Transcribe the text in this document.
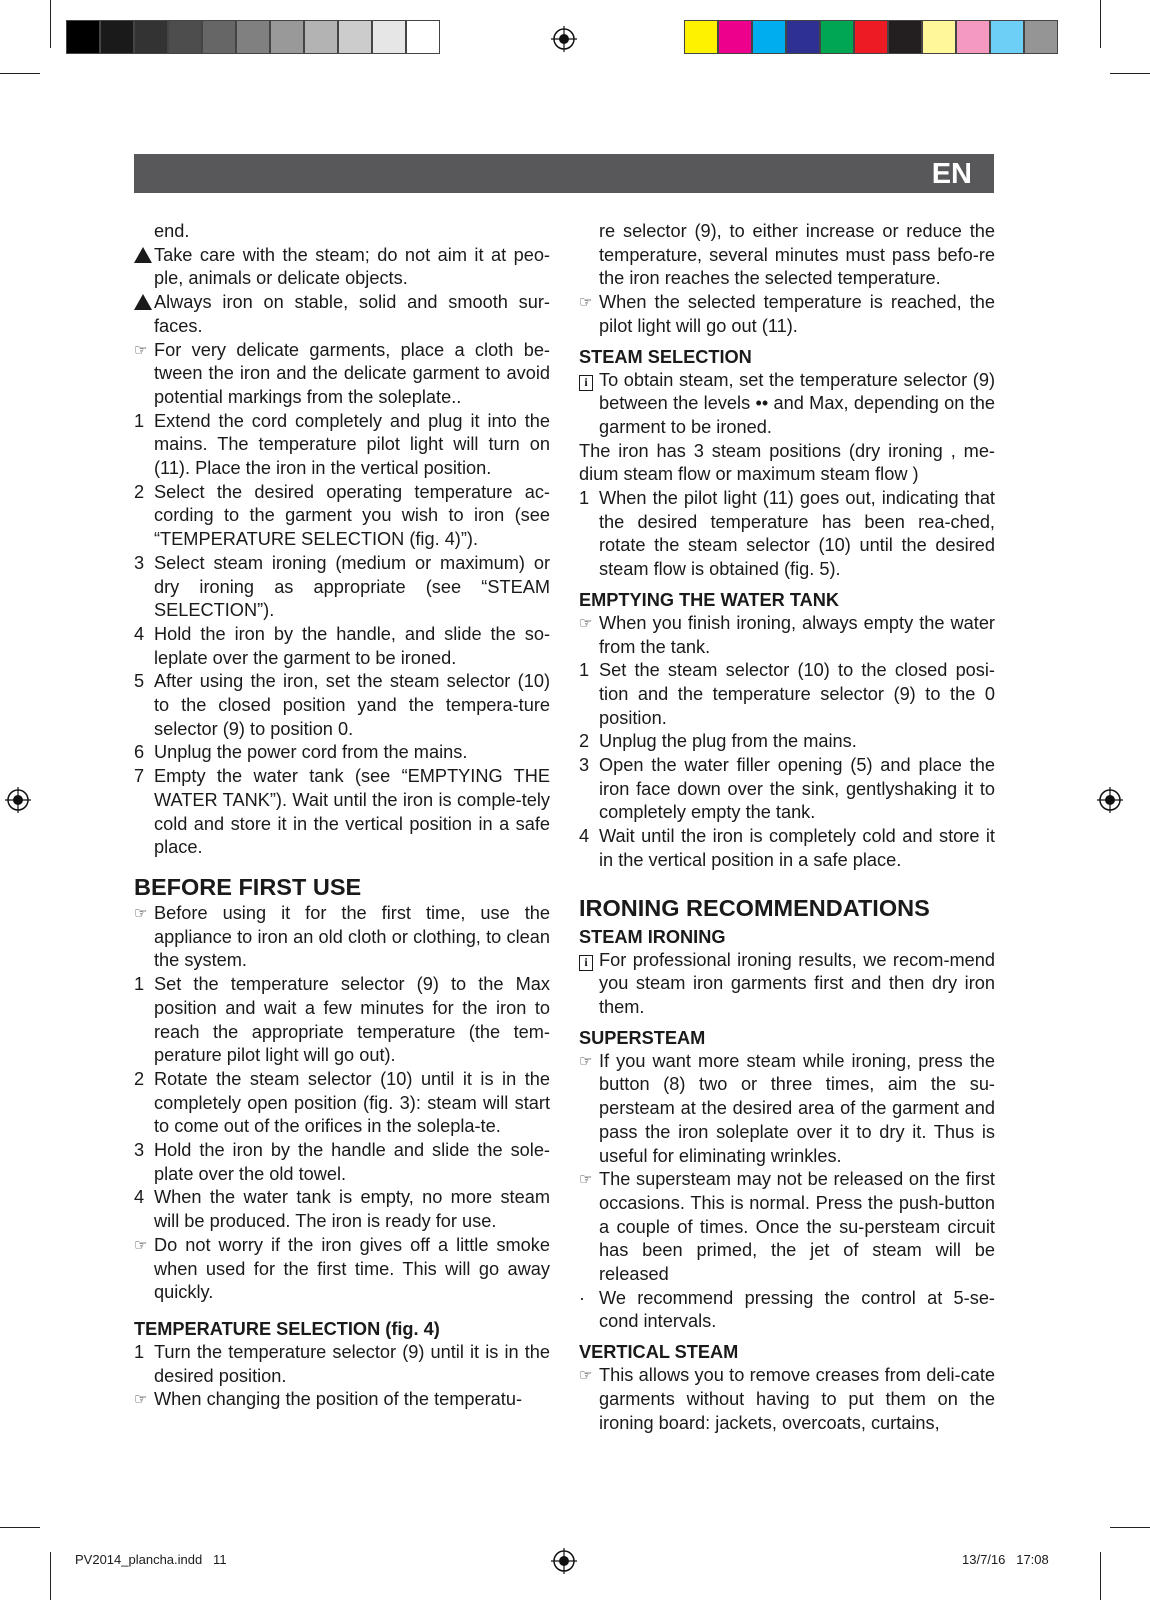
EN
end.
Take care with the steam; do not aim it at peo-ple, animals or delicate objects.
Always iron on stable, solid and smooth sur-faces.
☞ For very delicate garments, place a cloth be-tween the iron and the delicate garment to avoid potential markings from the soleplate..
1 Extend the cord completely and plug it into the mains. The temperature pilot light will turn on (11). Place the iron in the vertical position.
2 Select the desired operating temperature ac-cording to the garment you wish to iron (see “TEMPERATURE SELECTION (fig. 4)”).
3 Select steam ironing (medium or maximum) or dry ironing as appropriate (see “STEAM SELECTION”).
4 Hold the iron by the handle, and slide the so-leplate over the garment to be ironed.
5 After using the iron, set the steam selector (10) to the closed position yand the tempera-ture selector (9) to position 0.
6 Unplug the power cord from the mains.
7 Empty the water tank (see “EMPTYING THE WATER TANK”). Wait until the iron is comple-tely cold and store it in the vertical position in a safe place.
BEFORE FIRST USE
☞ Before using it for the first time, use the appliance to iron an old cloth or clothing, to clean the system.
1 Set the temperature selector (9) to the Max position and wait a few minutes for the iron to reach the appropriate temperature (the tem-perature pilot light will go out).
2 Rotate the steam selector (10) until it is in the completely open position (fig. 3): steam will start to come out of the orifices in the solepla-te.
3 Hold the iron by the handle and slide the sole-plate over the old towel.
4 When the water tank is empty, no more steam will be produced. The iron is ready for use.
☞ Do not worry if the iron gives off a little smoke when used for the first time. This will go away quickly.
TEMPERATURE SELECTION (fig. 4)
1 Turn the temperature selector (9) until it is in the desired position.
☞ When changing the position of the temperatu-
re selector (9), to either increase or reduce the temperature, several minutes must pass befo-re the iron reaches the selected temperature.
☞ When the selected temperature is reached, the pilot light will go out (11).
STEAM SELECTION
i To obtain steam, set the temperature selector (9) between the levels •• and Max, depending on the garment to be ironed.
The iron has 3 steam positions (dry ironing , me-dium steam flow or maximum steam flow )
1 When the pilot light (11) goes out, indicating that the desired temperature has been rea-ched, rotate the steam selector (10) until the desired steam flow is obtained (fig. 5).
EMPTYING THE WATER TANK
☞ When you finish ironing, always empty the water from the tank.
1 Set the steam selector (10) to the closed posi-tion and the temperature selector (9) to the 0 position.
2 Unplug the plug from the mains.
3 Open the water filler opening (5) and place the iron face down over the sink, gentlyshaking it to completely empty the tank.
4 Wait until the iron is completely cold and store it in the vertical position in a safe place.
IRONING RECOMMENDATIONS
STEAM IRONING
i For professional ironing results, we recom-mend you steam iron garments first and then dry iron them.
SUPERSTEAM
☞ If you want more steam while ironing, press the button (8) two or three times, aim the su-persteam at the desired area of the garment and pass the iron soleplate over it to dry it. Thus is useful for eliminating wrinkles.
☞ The supersteam may not be released on the first occasions. This is normal. Press the push-button a couple of times. Once the su-persteam circuit has been primed, the jet of steam will be released
· We recommend pressing the control at 5-se-cond intervals.
VERTICAL STEAM
☞ This allows you to remove creases from deli-cate garments without having to put them on the ironing board: jackets, overcoats, curtains,
PV2014_plancha.indd   11	13/7/16   17:08
